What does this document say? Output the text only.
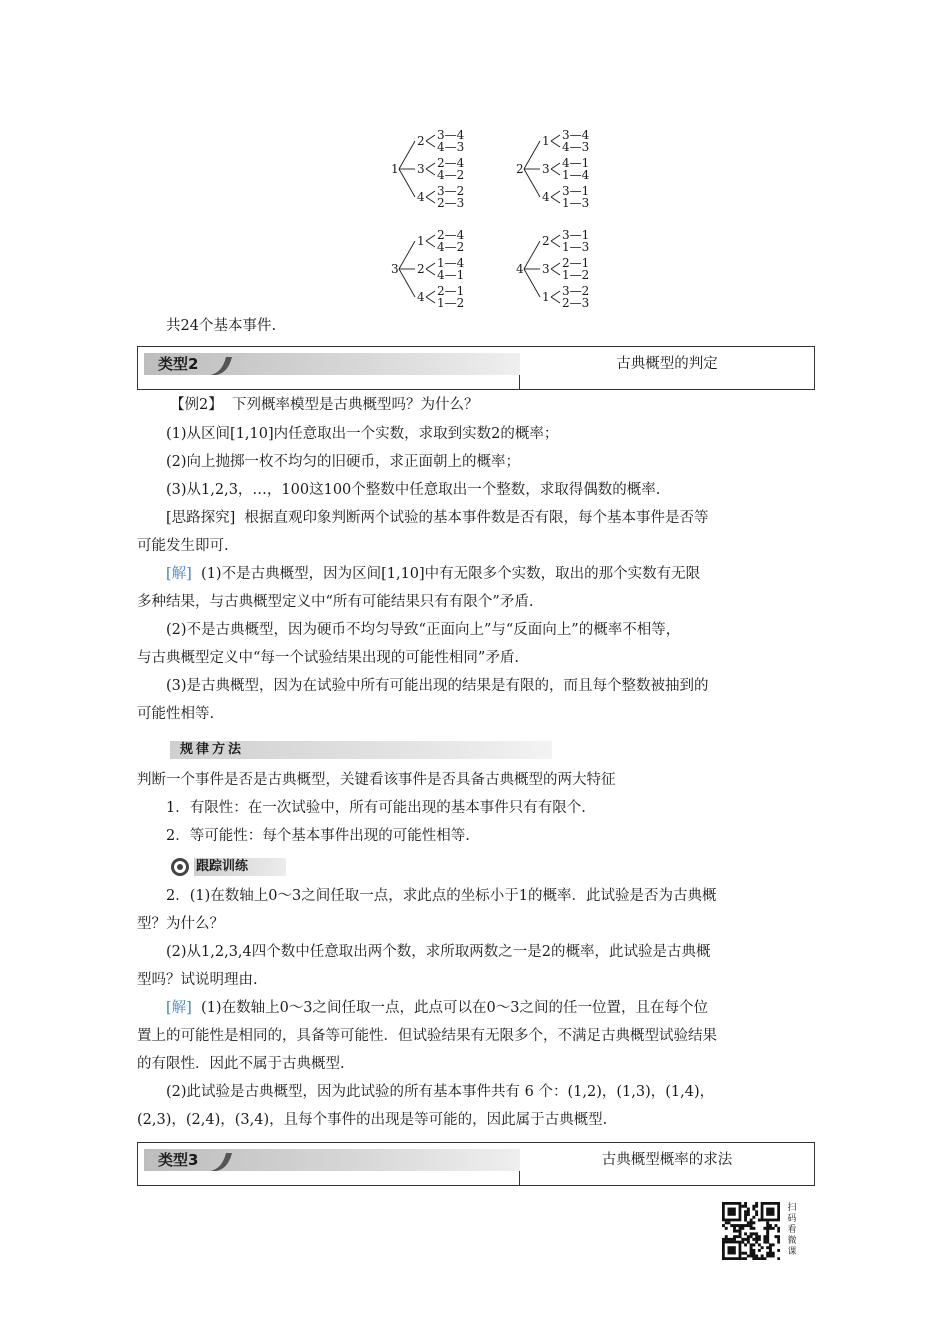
1
2 3—4
4—3
3 2—4
4—2
4 3—2
2—3
2
1 3—4
4—3
3 4—1
1—4
4 3—1
1—3
3
1 2—4
4—2
2 1—4
4—1
4 2—1
1—2
4
2 3—1
1—3
3 2—1
1—2
1 3—2
2—3
共24个基本事件.
类型2	古典概型的判定
【例2】 下列概率模型是古典概型吗？为什么？
(1)从区间[1,10]内任意取出一个实数，求取到实数2的概率；
(2)向上抛掷一枚不均匀的旧硬币，求正面朝上的概率；
(3)从1,2,3，…，100这100个整数中任意取出一个整数，求取得偶数的概率.
[思路探究] 根据直观印象判断两个试验的基本事件数是否有限，每个基本事件是否等
可能发生即可.
[解] (1)不是古典概型，因为区间[1,10]中有无限多个实数，取出的那个实数有无限
多种结果，与古典概型定义中“所有可能结果只有有限个”矛盾.
(2)不是古典概型，因为硬币不均匀导致“正面向上”与“反面向上”的概率不相等，
与古典概型定义中“每一个试验结果出现的可能性相同”矛盾.
(3)是古典概型，因为在试验中所有可能出现的结果是有限的，而且每个整数被抽到的
可能性相等.
规律方法
判断一个事件是否是古典概型，关键看该事件是否具备古典概型的两大特征
1．有限性：在一次试验中，所有可能出现的基本事件只有有限个.
2．等可能性：每个基本事件出现的可能性相等.
跟踪训练
2．(1)在数轴上0～3之间任取一点，求此点的坐标小于1的概率．此试验是否为古典概
型？为什么？
(2)从1,2,3,4四个数中任意取出两个数，求所取两数之一是2的概率，此试验是古典概
型吗？试说明理由.
[解] (1)在数轴上0～3之间任取一点，此点可以在0～3之间的任一位置，且在每个位
置上的可能性是相同的，具备等可能性．但试验结果有无限多个，不满足古典概型试验结果
的有限性．因此不属于古典概型.
(2)此试验是古典概型，因为此试验的所有基本事件共有 6 个：(1,2)，(1,3)，(1,4)，
(2,3)，(2,4)，(3,4)，且每个事件的出现是等可能的，因此属于古典概型.
类型3	古典概型概率的求法
扫
码
看
微
课
